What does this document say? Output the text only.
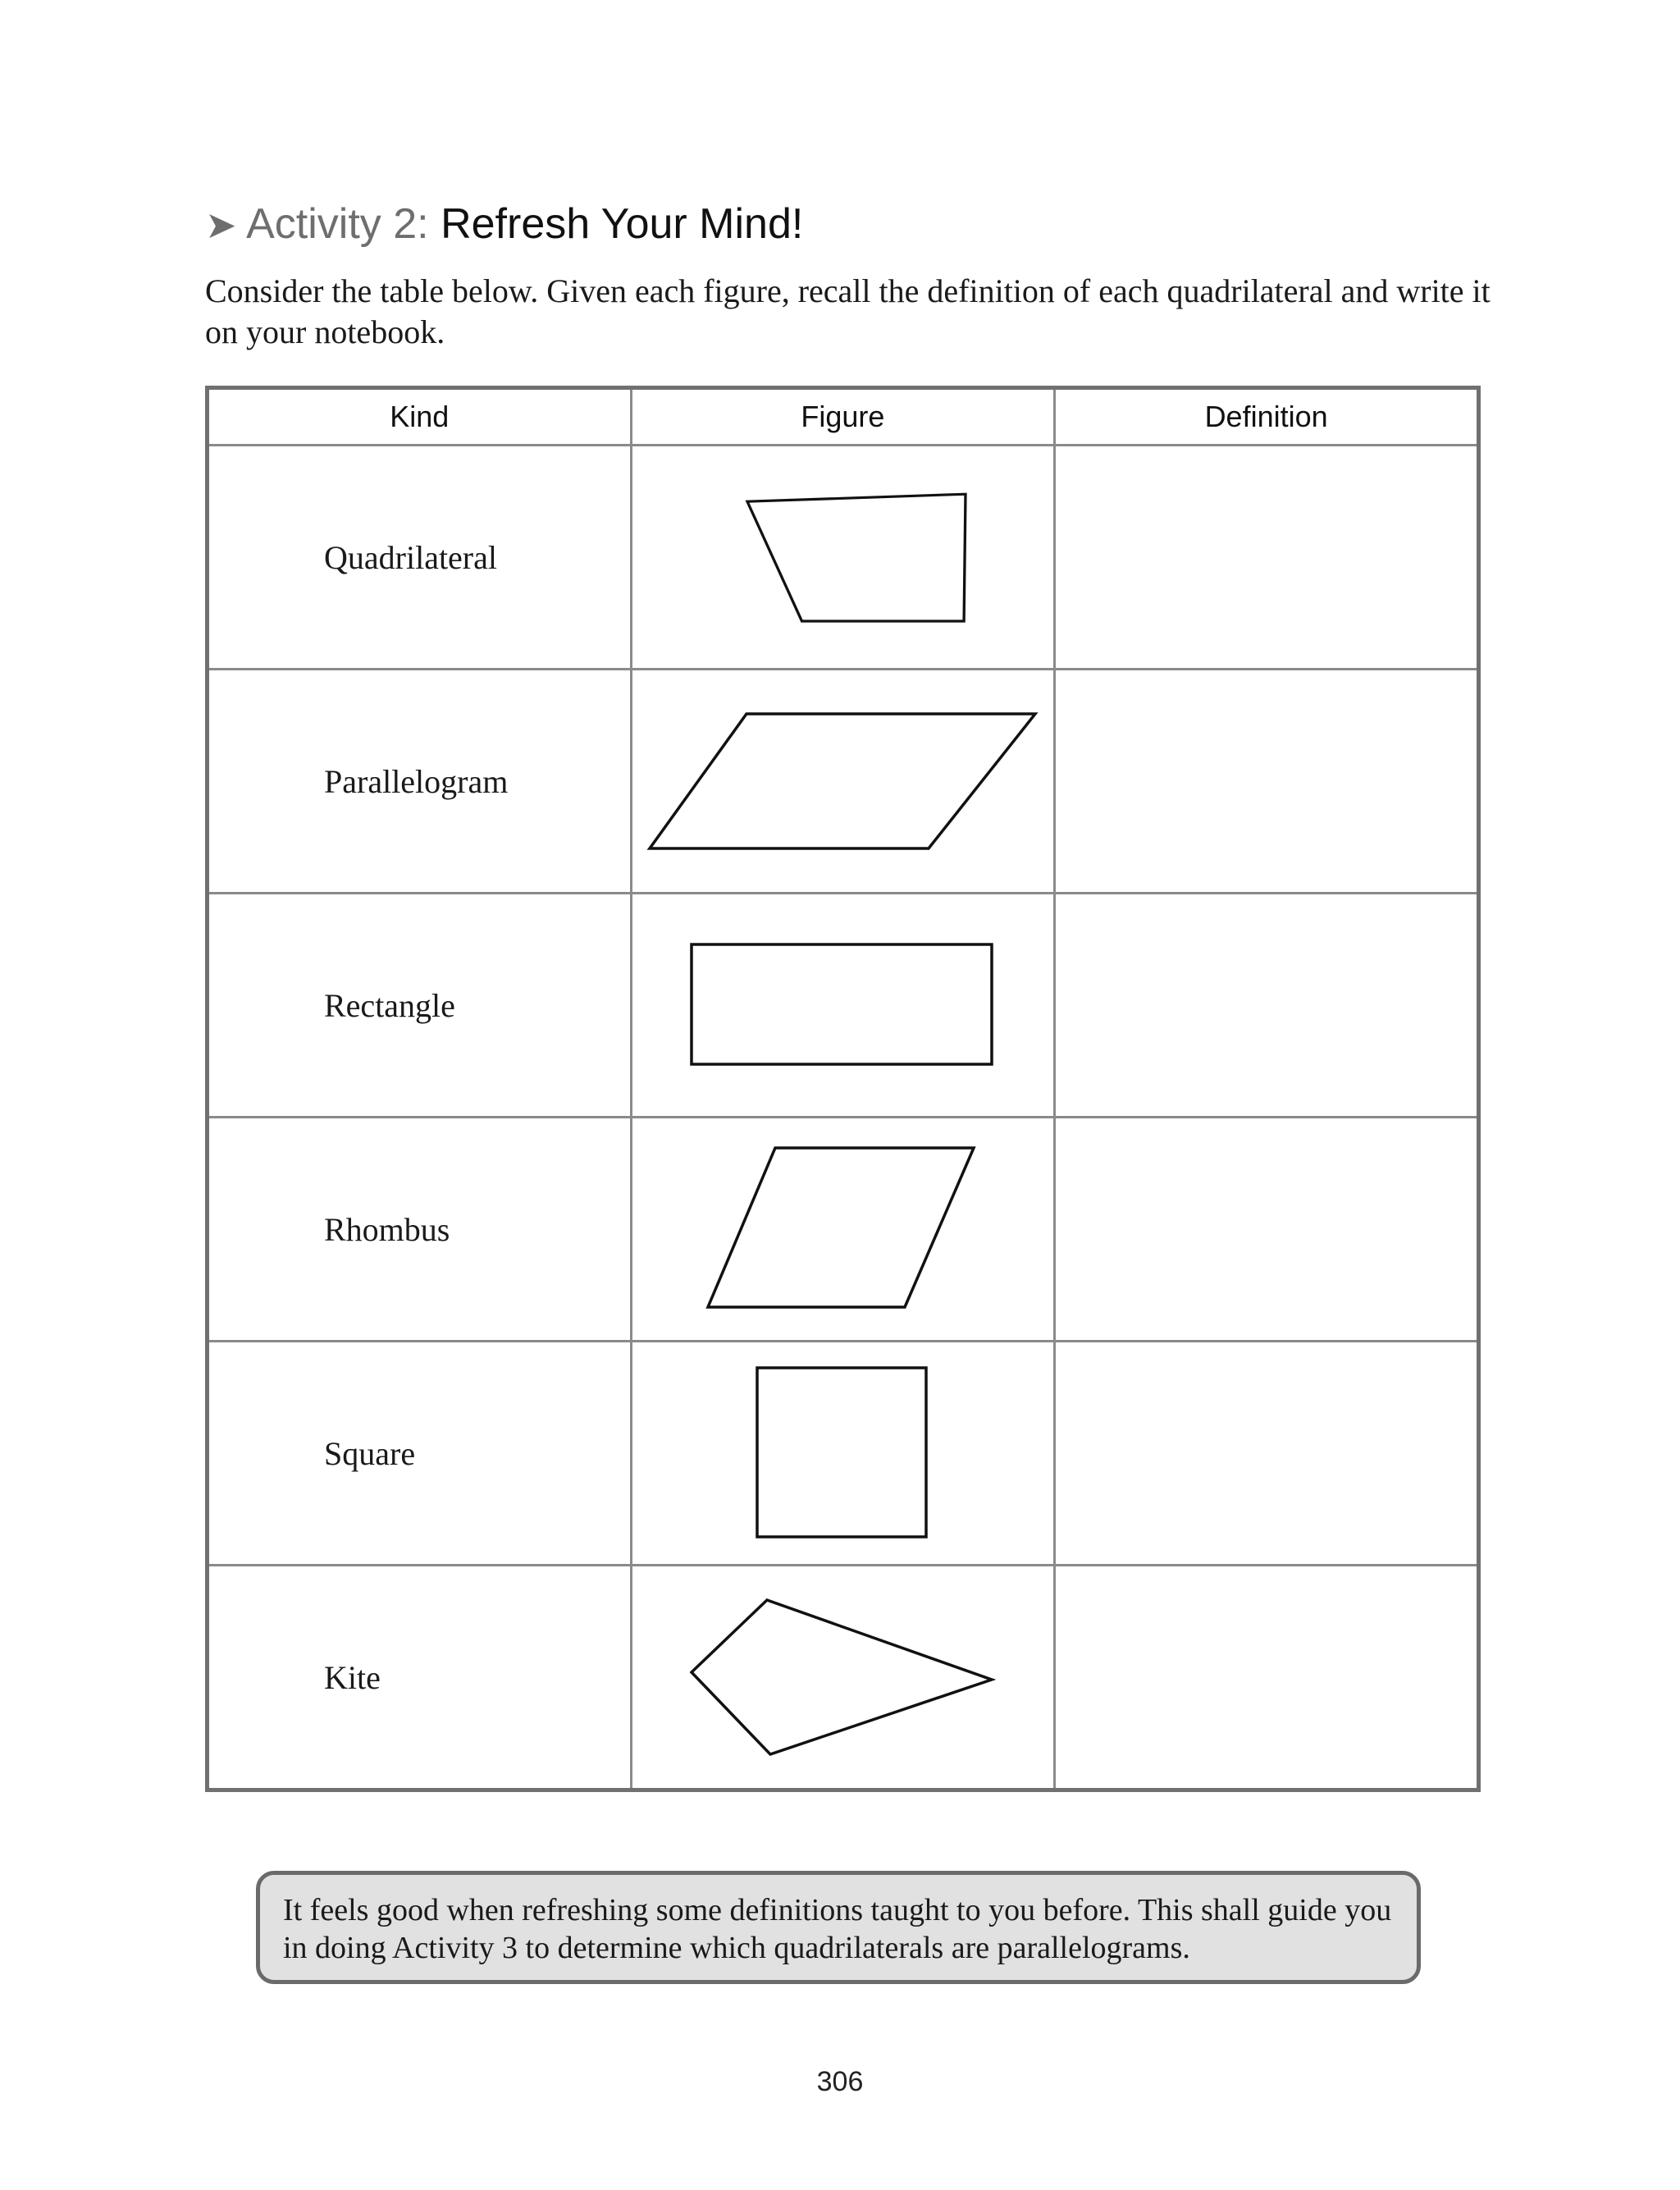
➤ Activity 2: Refresh Your Mind!
Consider the table below. Given each figure, recall the definition of each quadrilateral and write it on your notebook.
Kind	Figure	Definition
Quadrilateral	

Parallelogram	

Rectangle	

Rhombus	

Square	

Kite	

It feels good when refreshing some definitions taught to you before. This shall guide you in doing Activity 3 to determine which quadrilaterals are parallelograms.
306
